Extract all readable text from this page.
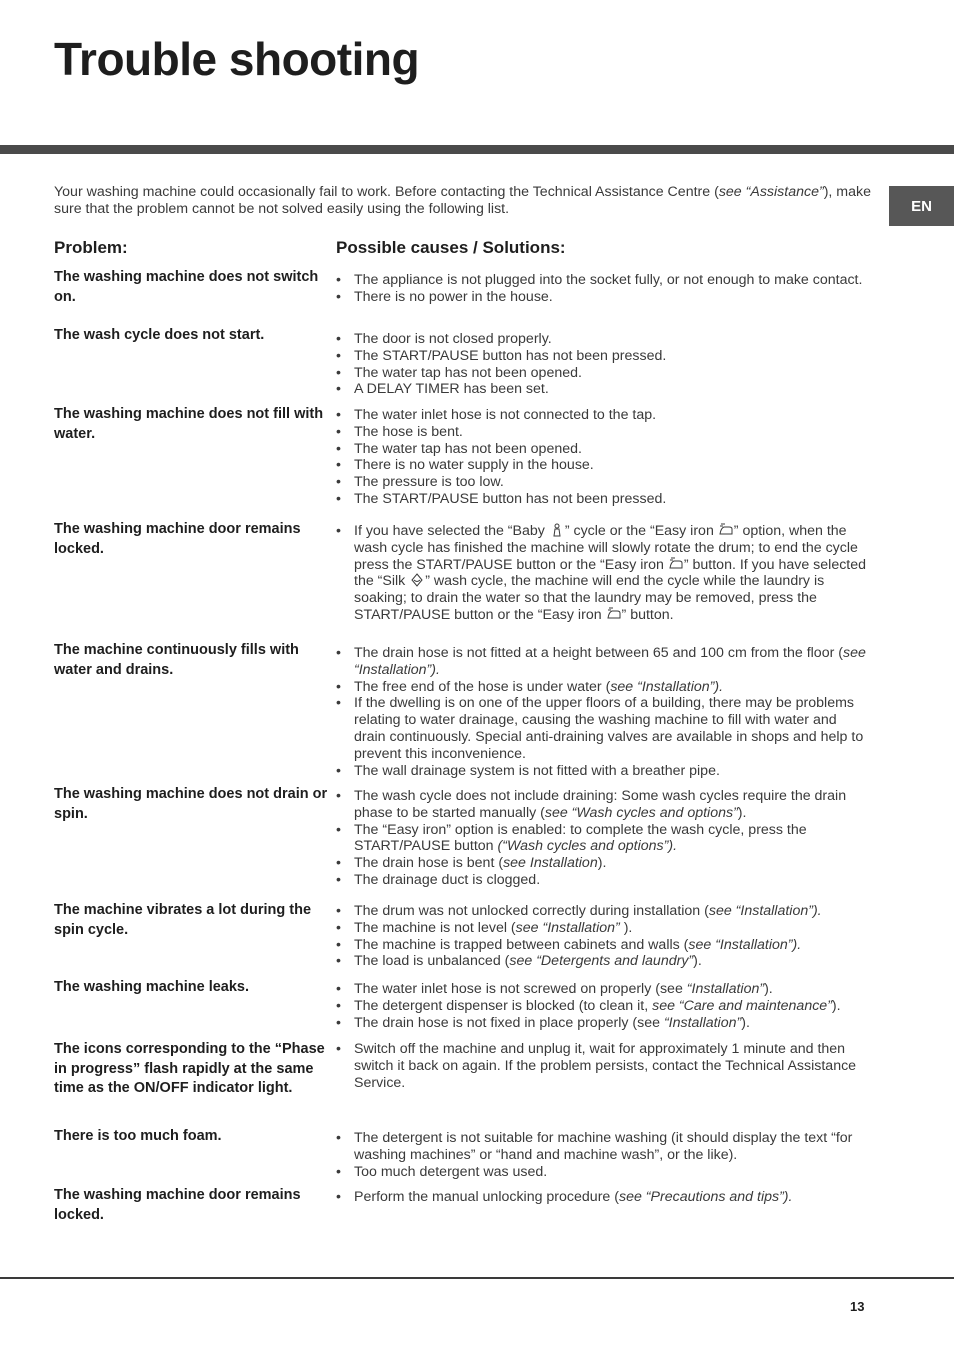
Trouble shooting
EN

Your washing machine could occasionally fail to work. Before contacting the Technical Assistance Centre (see “Assistance”), make sure that the problem cannot be not solved easily using the following list.

Problem:	Possible causes / Solutions:

The washing machine does not switch on.

• The appliance is not plugged into the socket fully, or not enough to make contact.
• There is no power in the house.

The wash cycle does not start.	• The door is not closed properly.
• The START/PAUSE button has not been pressed.
• The water tap has not been opened.
• A DELAY TIMER has been set.

The washing machine does not fill with water.

• The water inlet hose is not connected to the tap.
• The hose is bent.
• The water tap has not been opened.
• There is no water supply in the house.
• The pressure is too low.
• The START/PAUSE button has not been pressed.

The washing machine door remains locked.

• If you have selected the “Baby ” cycle or the “Easy iron ” option, when the wash cycle has finished the machine will slowly rotate the drum; to end the cycle press the START/PAUSE button or the “Easy iron ” button. If you have selected the “Silk ” wash cycle, the machine will end the cycle while the laundry is soaking; to drain the water so that the laundry may be removed, press the START/PAUSE button or the “Easy iron ” button.

The machine continuously fills with water and drains.

• The drain hose is not fitted at a height between 65 and 100 cm from the floor (see “Installation”).
• The free end of the hose is under water (see “Installation”).
• If the dwelling is on one of the upper floors of a building, there may be problems relating to water drainage, causing the washing machine to fill with water and drain continuously. Special anti-draining valves are available in shops and help to prevent this inconvenience.
• The wall drainage system is not fitted with a breather pipe.

The washing machine does not drain or spin.

• The wash cycle does not include draining: Some wash cycles require the drain phase to be started manually (see “Wash cycles and options”).
• The “Easy iron” option is enabled: to complete the wash cycle, press the START/PAUSE button (“Wash cycles and options”).
• The drain hose is bent (see Installation).
• The drainage duct is clogged.

The machine vibrates a lot during the spin cycle.

• The drum was not unlocked correctly during installation (see “Installation”).
• The machine is not level (see “Installation” ).
• The machine is trapped between cabinets and walls (see “Installation”).
• The load is unbalanced (see “Detergents and laundry”).

The washing machine leaks.	• The water inlet hose is not screwed on properly (see “Installation”).
• The detergent dispenser is blocked (to clean it, see “Care and maintenance”).
• The drain hose is not fixed in place properly (see “Installation”).

The icons corresponding to the “Phase in progress” flash rapidly at the same time as the ON/OFF indicator light.

• Switch off the machine and unplug it, wait for approximately 1 minute and then switch it back on again. If the problem persists, contact the Technical Assistance Service.

There is too much foam.	• The detergent is not suitable for machine washing (it should display the text “for washing machines” or “hand and machine wash”, or the like).
• Too much detergent was used.

The washing machine door remains locked.

• Perform the manual unlocking procedure (see “Precautions and tips”).
13
